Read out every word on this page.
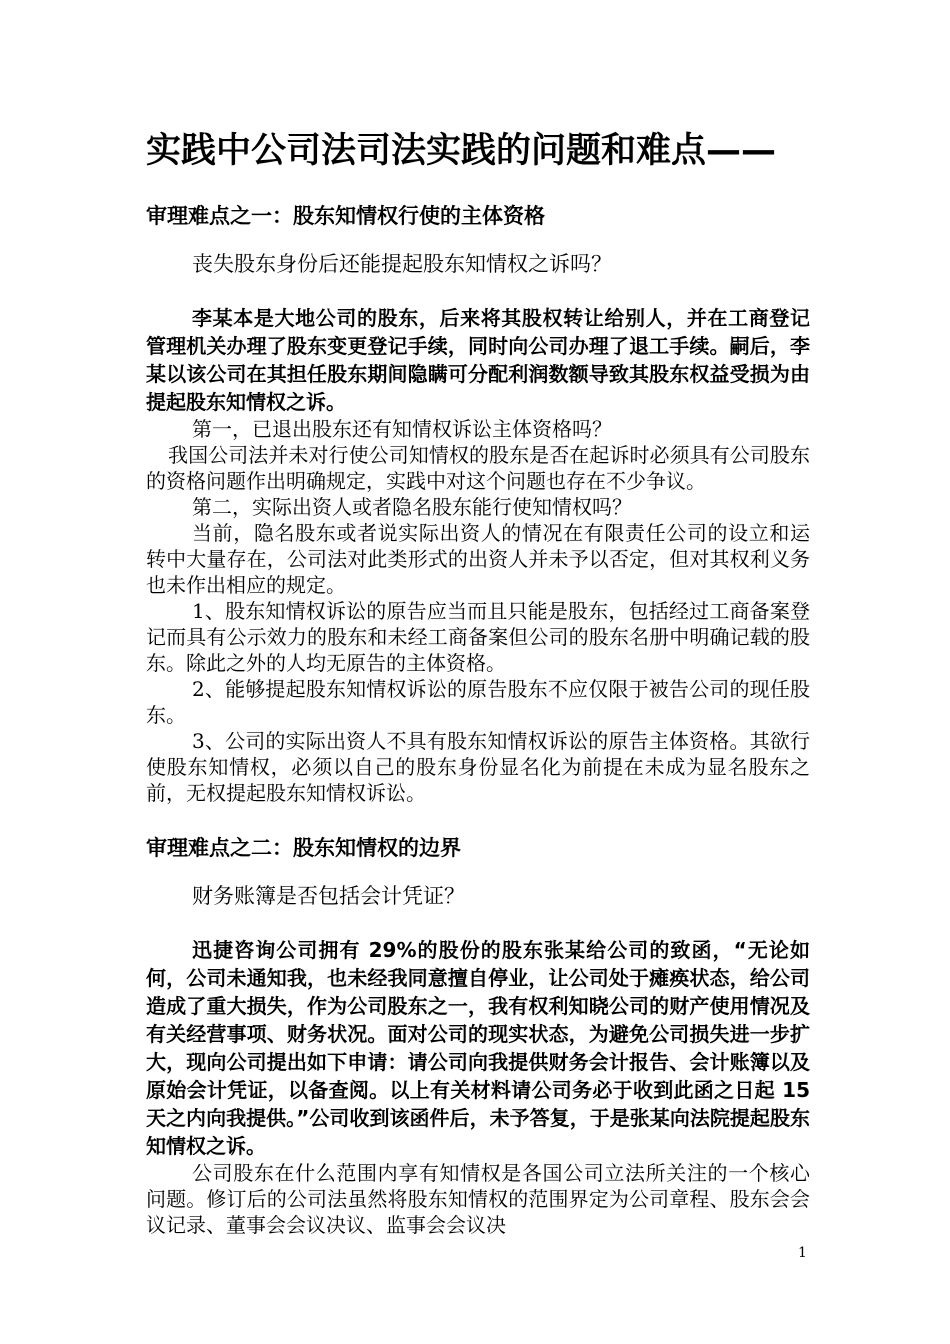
实践中公司法司法实践的问题和难点——
审理难点之一：股东知情权行使的主体资格

丧失股东身份后还能提起股东知情权之诉吗？

李某本是大地公司的股东，后来将其股权转让给别人，并在工商登记管理机关办理了股东变更登记手续，同时向公司办理了退工手续。嗣后，李某以该公司在其担任股东期间隐瞒可分配利润数额导致其股东权益受损为由提起股东知情权之诉。

第一，已退出股东还有知情权诉讼主体资格吗？

我国公司法并未对行使公司知情权的股东是否在起诉时必须具有公司股东的资格问题作出明确规定，实践中对这个问题也存在不少争议。

第二，实际出资人或者隐名股东能行使知情权吗？

当前，隐名股东或者说实际出资人的情况在有限责任公司的设立和运转中大量存在，公司法对此类形式的出资人并未予以否定，但对其权利义务也未作出相应的规定。

1、股东知情权诉讼的原告应当而且只能是股东，包括经过工商备案登记而具有公示效力的股东和未经工商备案但公司的股东名册中明确记载的股东。除此之外的人均无原告的主体资格。

2、能够提起股东知情权诉讼的原告股东不应仅限于被告公司的现任股东。

3、公司的实际出资人不具有股东知情权诉讼的原告主体资格。其欲行使股东知情权，必须以自己的股东身份显名化为前提在未成为显名股东之前，无权提起股东知情权诉讼。

审理难点之二：股东知情权的边界

财务账簿是否包括会计凭证？

迅捷咨询公司拥有 29%的股份的股东张某给公司的致函，“无论如何，公司未通知我，也未经我同意擅自停业，让公司处于瘫痪状态，给公司造成了重大损失，作为公司股东之一，我有权利知晓公司的财产使用情况及有关经营事项、财务状况。面对公司的现实状态，为避免公司损失进一步扩大，现向公司提出如下申请：请公司向我提供财务会计报告、会计账簿以及原始会计凭证，以备查阅。以上有关材料请公司务必于收到此函之日起 15 天之内向我提供。”公司收到该函件后，未予答复，于是张某向法院提起股东知情权之诉。

公司股东在什么范围内享有知情权是各国公司立法所关注的一个核心问题。修订后的公司法虽然将股东知情权的范围界定为公司章程、股东会会议记录、董事会会议决议、监事会会议决

1
